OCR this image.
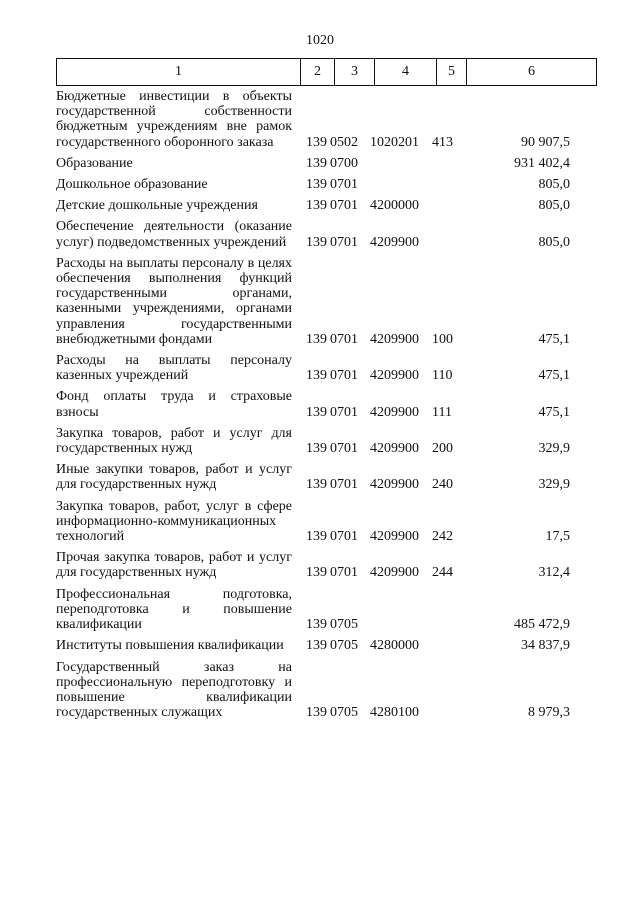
1020
1	2	3	4	5	6
Бюджетные инвестиции в объекты государственной собственности бюджетным учреждениям вне рамок государственного оборонного заказа	139 0502 1020201 413	90 907,5
Образование	139 0700	931 402,4
Дошкольное образование	139 0701	805,0
Детские дошкольные учреждения	139 0701 4200000	805,0
Обеспечение деятельности (оказание услуг) подведомственных учреждений	139 0701 4209900	805,0
Расходы на выплаты персоналу в целях обеспечения выполнения функций государственными органами, казенными учреждениями, органами управления государственными внебюджетными фондами	139 0701 4209900 100	475,1
Расходы на выплаты персоналу казенных учреждений	139 0701 4209900 110	475,1
Фонд оплаты труда и страховые взносы	139 0701 4209900 111	475,1
Закупка товаров, работ и услуг для государственных нужд	139 0701 4209900 200	329,9
Иные закупки товаров, работ и услуг для государственных нужд	139 0701 4209900 240	329,9
Закупка товаров, работ, услуг в сфере информационно-коммуникационных технологий	139 0701 4209900 242	17,5
Прочая закупка товаров, работ и услуг для государственных нужд	139 0701 4209900 244	312,4
Профессиональная подготовка, переподготовка и повышение квалификации	139 0705	485 472,9
Институты повышения квалификации	139 0705 4280000	34 837,9
Государственный заказ на профессиональную переподготовку и повышение квалификации государственных служащих	139 0705 4280100	8 979,3
